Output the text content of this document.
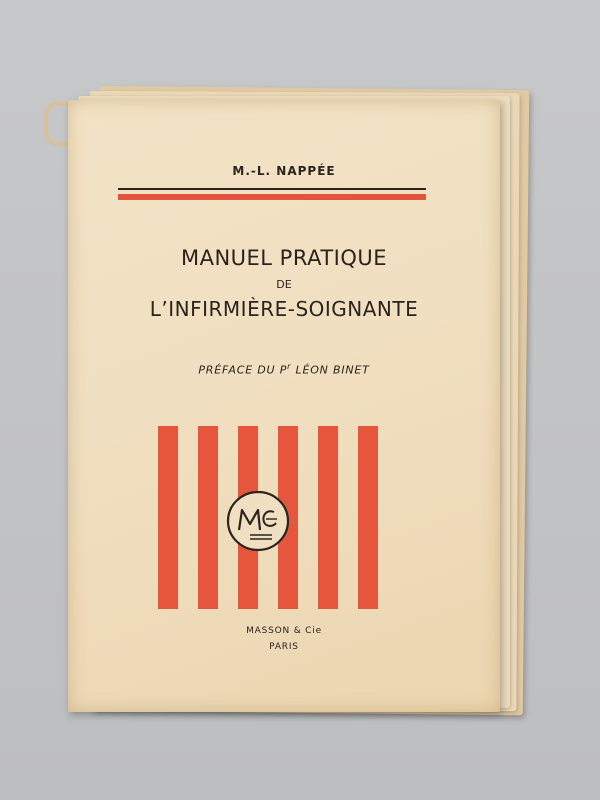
M.-L. NAPPÉE
MANUEL PRATIQUE
DE
L’INFIRMIÈRE-SOIGNANTE
PRÉFACE DU $P^r$ LÉON BINET
MASSON & Cie
PARIS
